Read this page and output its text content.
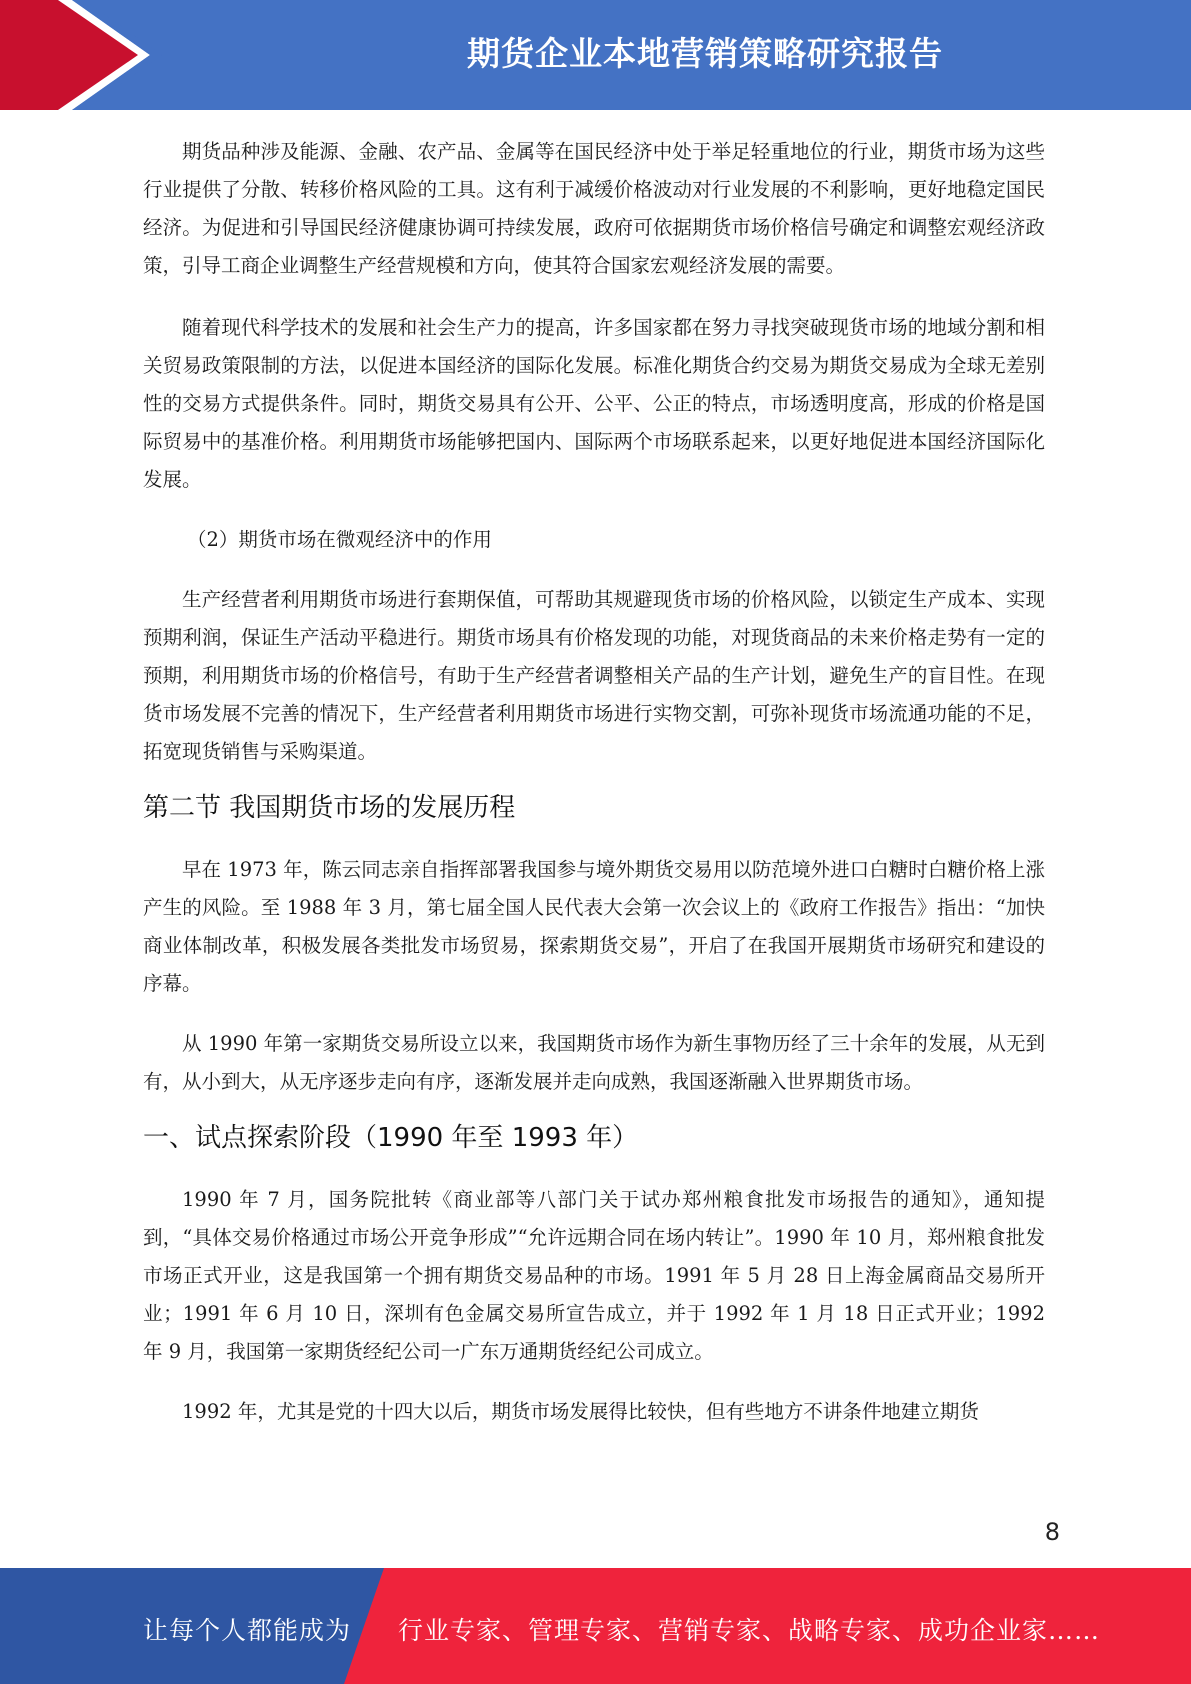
期货企业本地营销策略研究报告

期货品种涉及能源、金融、农产品、金属等在国民经济中处于举足轻重地位的行业，期货市场为这些行业提供了分散、转移价格风险的工具。这有利于减缓价格波动对行业发展的不利影响，更好地稳定国民经济。为促进和引导国民经济健康协调可持续发展，政府可依据期货市场价格信号确定和调整宏观经济政策，引导工商企业调整生产经营规模和方向，使其符合国家宏观经济发展的需要。

随着现代科学技术的发展和社会生产力的提高，许多国家都在努力寻找突破现货市场的地域分割和相关贸易政策限制的方法，以促进本国经济的国际化发展。标准化期货合约交易为期货交易成为全球无差别性的交易方式提供条件。同时，期货交易具有公开、公平、公正的特点，市场透明度高，形成的价格是国际贸易中的基准价格。利用期货市场能够把国内、国际两个市场联系起来，以更好地促进本国经济国际化发展。

（2）期货市场在微观经济中的作用

生产经营者利用期货市场进行套期保值，可帮助其规避现货市场的价格风险，以锁定生产成本、实现预期利润，保证生产活动平稳进行。期货市场具有价格发现的功能，对现货商品的未来价格走势有一定的预期，利用期货市场的价格信号，有助于生产经营者调整相关产品的生产计划，避免生产的盲目性。在现货市场发展不完善的情况下，生产经营者利用期货市场进行实物交割，可弥补现货市场流通功能的不足，拓宽现货销售与采购渠道。

第二节 我国期货市场的发展历程

早在 1973 年，陈云同志亲自指挥部署我国参与境外期货交易用以防范境外进口白糖时白糖价格上涨产生的风险。至 1988 年 3 月，第七届全国人民代表大会第一次会议上的《政府工作报告》指出：“加快商业体制改革，积极发展各类批发市场贸易，探索期货交易”，开启了在我国开展期货市场研究和建设的序幕。

从 1990 年第一家期货交易所设立以来，我国期货市场作为新生事物历经了三十余年的发展，从无到有，从小到大，从无序逐步走向有序，逐渐发展并走向成熟，我国逐渐融入世界期货市场。

一、试点探索阶段（1990 年至 1993 年）

1990 年 7 月，国务院批转《商业部等八部门关于试办郑州粮食批发市场报告的通知》，通知提到，“具体交易价格通过市场公开竞争形成”“允许远期合同在场内转让”。1990 年 10 月，郑州粮食批发市场正式开业，这是我国第一个拥有期货交易品种的市场。1991 年 5 月 28 日上海金属商品交易所开业；1991 年 6 月 10 日，深圳有色金属交易所宣告成立，并于 1992 年 1 月 18 日正式开业；1992 年 9 月，我国第一家期货经纪公司一广东万通期货经纪公司成立。

1992 年，尤其是党的十四大以后，期货市场发展得比较快，但有些地方不讲条件地建立期货

8
让每个人都能成为 行业专家、管理专家、营销专家、战略专家、成功企业家……
